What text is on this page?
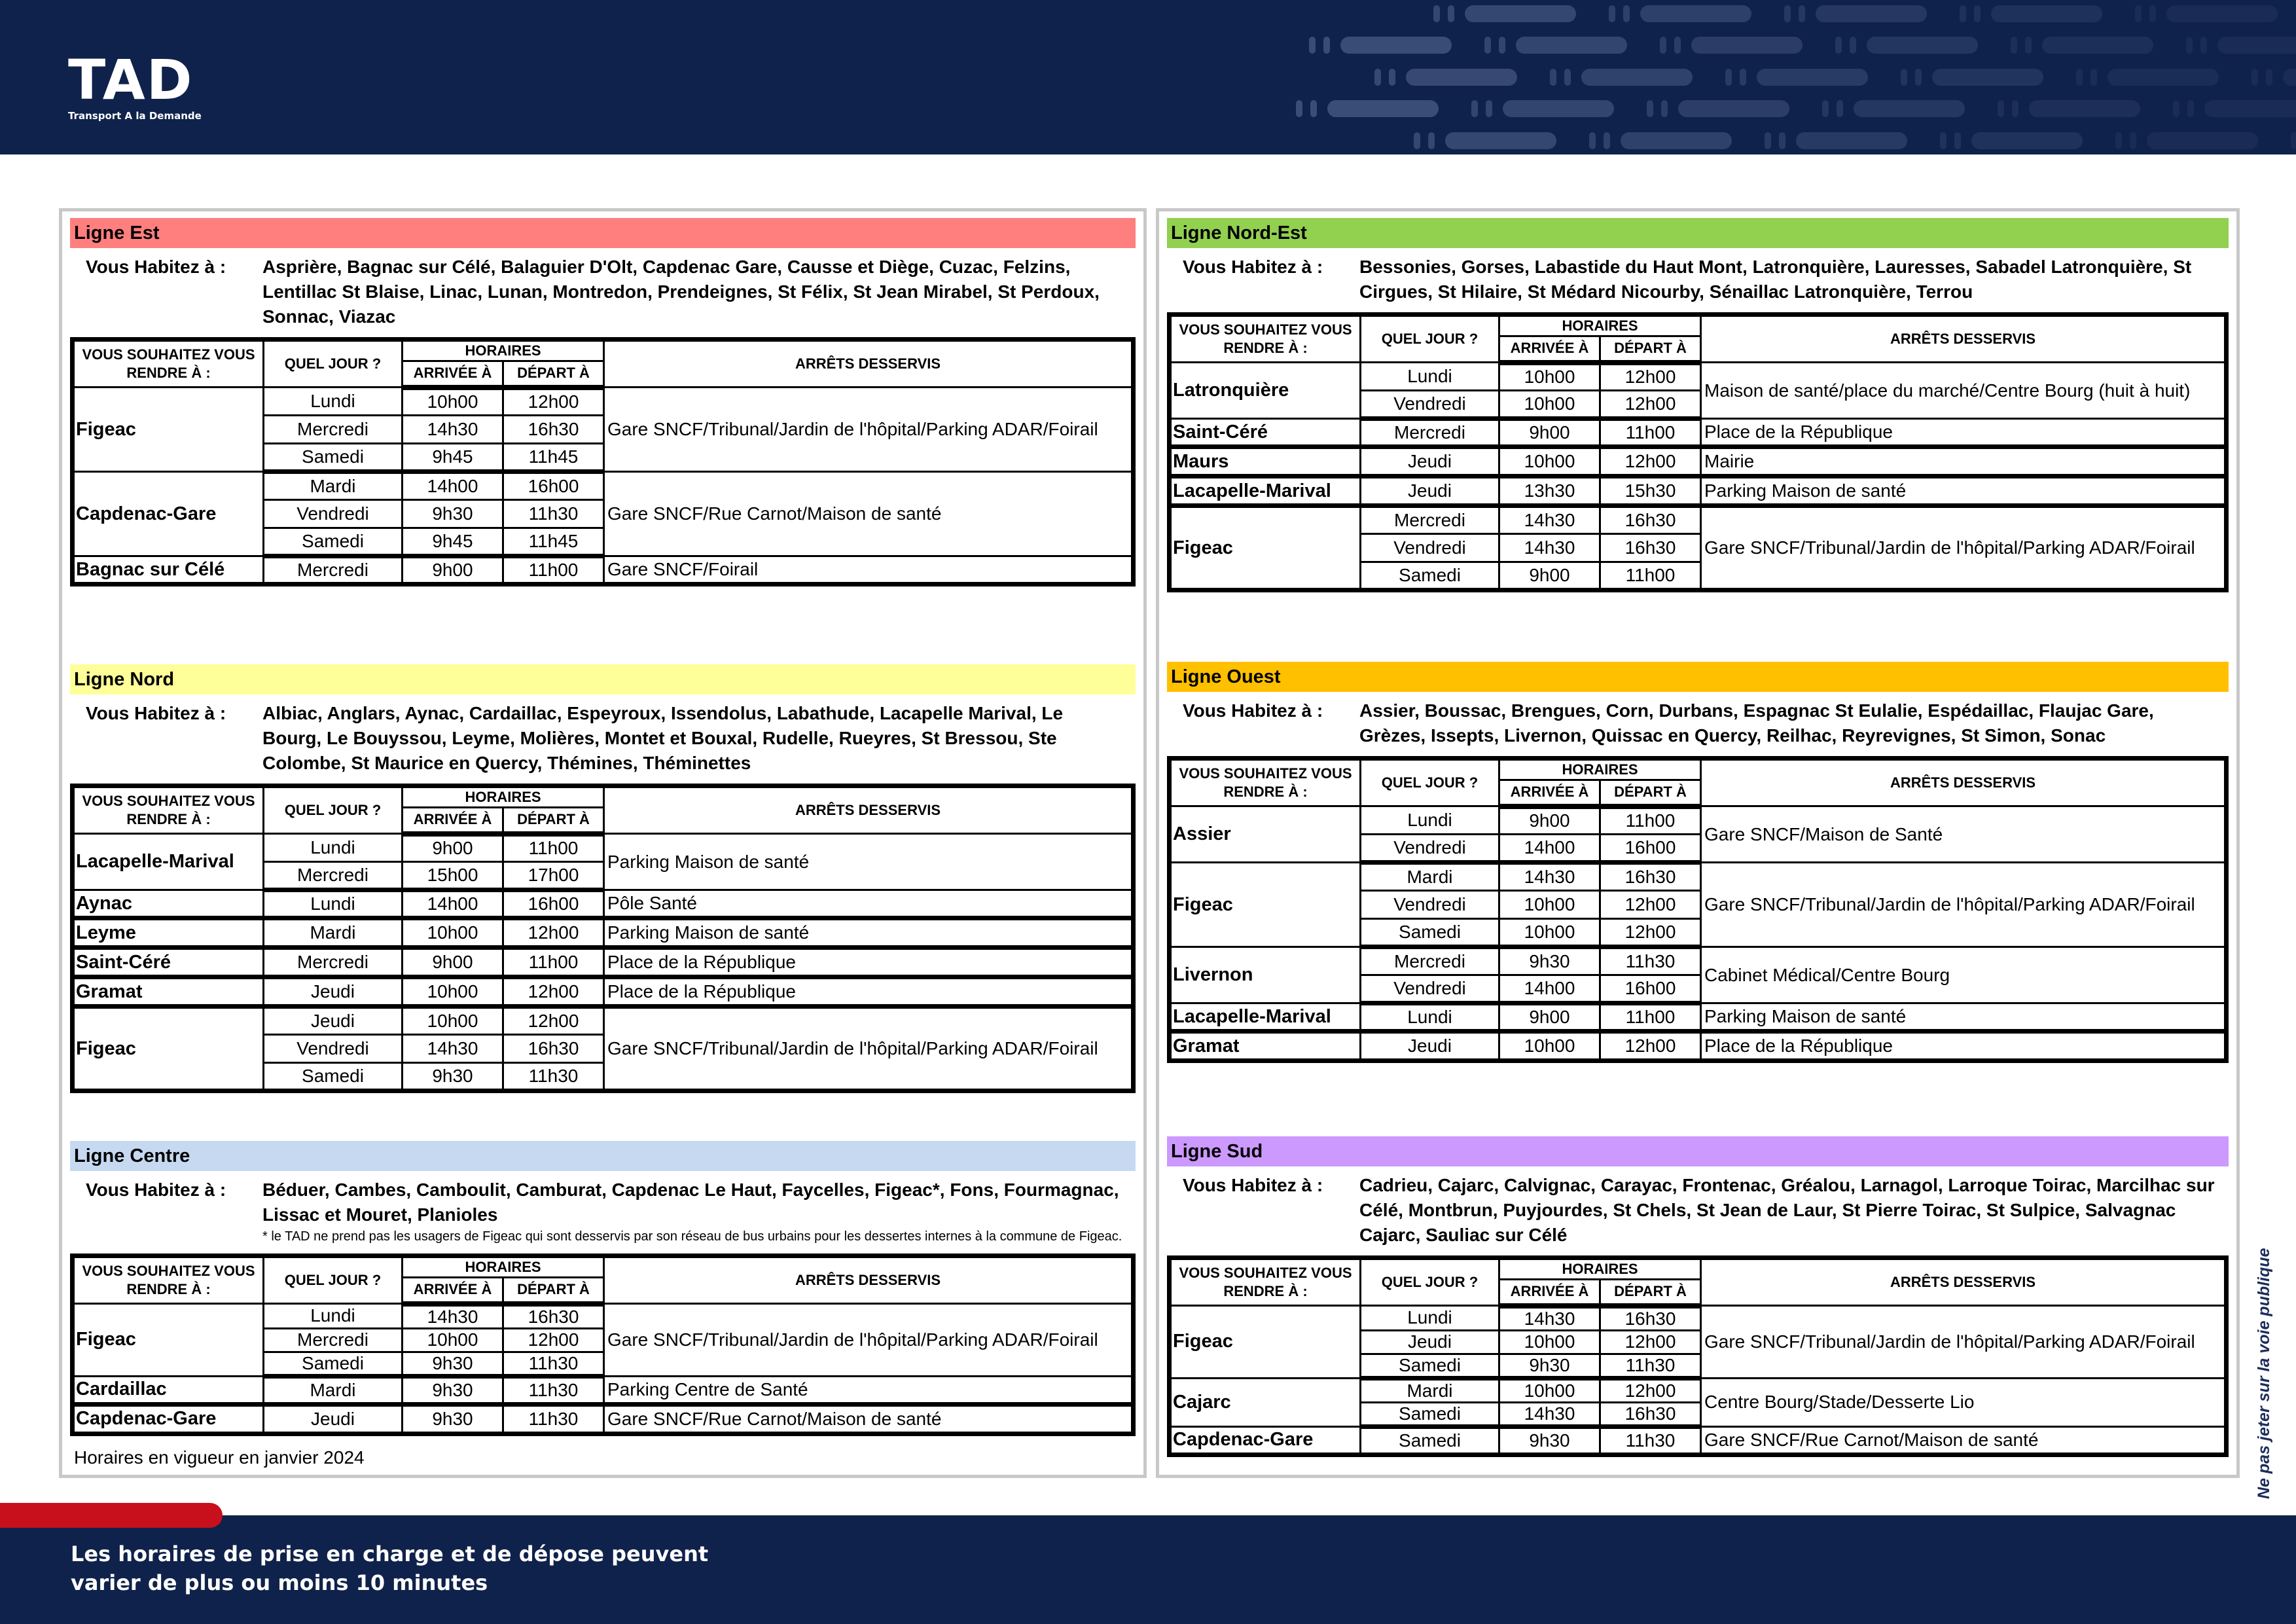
TAD
Transport A la Demande
Ligne Est
Vous Habitez à :	Asprière, Bagnac sur Célé, Balaguier D'Olt, Capdenac Gare, Causse et Diège, Cuzac, Felzins, Lentillac St Blaise, Linac, Lunan, Montredon, Prendeignes, St Félix, St Jean Mirabel, St Perdoux, Sonnac, Viazac
VOUS SOUHAITEZ VOUS RENDRE À :	QUEL JOUR ?	HORAIRES		ARRÊTS DESSERVIS
		ARRIVÉE À	DÉPART À	
Figeac	Lundi	10h00	12h00	Gare SNCF/Tribunal/Jardin de l'hôpital/Parking ADAR/Foirail
	Mercredi	14h30	16h30	
	Samedi	9h45	11h45	
Capdenac-Gare	Mardi	14h00	16h00	Gare SNCF/Rue Carnot/Maison de santé
	Vendredi	9h30	11h30	
	Samedi	9h45	11h45	
Bagnac sur Célé	Mercredi	9h00	11h00	Gare SNCF/Foirail
Ligne Nord
Vous Habitez à :	Albiac, Anglars, Aynac, Cardaillac, Espeyroux, Issendolus, Labathude, Lacapelle Marival, Le Bourg, Le Bouyssou, Leyme, Molières, Montet et Bouxal, Rudelle, Rueyres, St Bressou, Ste Colombe, St Maurice en Quercy, Thémines, Théminettes
VOUS SOUHAITEZ VOUS RENDRE À :	QUEL JOUR ?	HORAIRES		ARRÊTS DESSERVIS
		ARRIVÉE À	DÉPART À	
Lacapelle-Marival	Lundi	9h00	11h00	Parking Maison de santé
	Mercredi	15h00	17h00	
Aynac	Lundi	14h00	16h00	Pôle Santé
Leyme	Mardi	10h00	12h00	Parking Maison de santé
Saint-Céré	Mercredi	9h00	11h00	Place de la République
Gramat	Jeudi	10h00	12h00	Place de la République
Figeac	Jeudi	10h00	12h00	Gare SNCF/Tribunal/Jardin de l'hôpital/Parking ADAR/Foirail
	Vendredi	14h30	16h30	
	Samedi	9h30	11h30	
Ligne Centre
Vous Habitez à :	Béduer, Cambes, Camboulit, Camburat, Capdenac Le Haut, Faycelles, Figeac*, Fons, Fourmagnac, Lissac et Mouret, Planioles
* le TAD ne prend pas les usagers de Figeac qui sont desservis par son réseau de bus urbains pour les dessertes internes à la commune de Figeac.
VOUS SOUHAITEZ VOUS RENDRE À :	QUEL JOUR ?	HORAIRES		ARRÊTS DESSERVIS
		ARRIVÉE À	DÉPART À	
Figeac	Lundi	14h30	16h30	Gare SNCF/Tribunal/Jardin de l'hôpital/Parking ADAR/Foirail
	Mercredi	10h00	12h00	
	Samedi	9h30	11h30	
Cardaillac	Mardi	9h30	11h30	Parking Centre de Santé
Capdenac-Gare	Jeudi	9h30	11h30	Gare SNCF/Rue Carnot/Maison de santé
Horaires en vigueur en janvier 2024
Ligne Nord-Est
Vous Habitez à :	Bessonies, Gorses, Labastide du Haut Mont, Latronquière, Lauresses, Sabadel Latronquière, St Cirgues, St Hilaire, St Médard Nicourby, Sénaillac Latronquière, Terrou
VOUS SOUHAITEZ VOUS RENDRE À :	QUEL JOUR ?	HORAIRES		ARRÊTS DESSERVIS
		ARRIVÉE À	DÉPART À	
Latronquière	Lundi	10h00	12h00	Maison de santé/place du marché/Centre Bourg (huit à huit)
	Vendredi	10h00	12h00	
Saint-Céré	Mercredi	9h00	11h00	Place de la République
Maurs	Jeudi	10h00	12h00	Mairie
Lacapelle-Marival	Jeudi	13h30	15h30	Parking Maison de santé
Figeac	Mercredi	14h30	16h30	Gare SNCF/Tribunal/Jardin de l'hôpital/Parking ADAR/Foirail
	Vendredi	14h30	16h30	
	Samedi	9h00	11h00	
Ligne Ouest
Vous Habitez à :	Assier, Boussac, Brengues, Corn, Durbans, Espagnac St Eulalie, Espédaillac, Flaujac Gare, Grèzes, Issepts, Livernon, Quissac en Quercy, Reilhac, Reyrevignes, St Simon, Sonac
VOUS SOUHAITEZ VOUS RENDRE À :	QUEL JOUR ?	HORAIRES		ARRÊTS DESSERVIS
		ARRIVÉE À	DÉPART À	
Assier	Lundi	9h00	11h00	Gare SNCF/Maison de Santé
	Vendredi	14h00	16h00	
Figeac	Mardi	14h30	16h30	Gare SNCF/Tribunal/Jardin de l'hôpital/Parking ADAR/Foirail
	Vendredi	10h00	12h00	
	Samedi	10h00	12h00	
Livernon	Mercredi	9h30	11h30	Cabinet Médical/Centre Bourg
	Vendredi	14h00	16h00	
Lacapelle-Marival	Lundi	9h00	11h00	Parking Maison de santé
Gramat	Jeudi	10h00	12h00	Place de la République
Ligne Sud
Vous Habitez à :	Cadrieu, Cajarc, Calvignac, Carayac, Frontenac, Gréalou, Larnagol, Larroque Toirac, Marcilhac sur Célé, Montbrun, Puyjourdes, St Chels, St Jean de Laur, St Pierre Toirac, St Sulpice, Salvagnac Cajarc, Sauliac sur Célé
VOUS SOUHAITEZ VOUS RENDRE À :	QUEL JOUR ?	HORAIRES		ARRÊTS DESSERVIS
		ARRIVÉE À	DÉPART À	
Figeac	Lundi	14h30	16h30	Gare SNCF/Tribunal/Jardin de l'hôpital/Parking ADAR/Foirail
	Jeudi	10h00	12h00	
	Samedi	9h30	11h30	
Cajarc	Mardi	10h00	12h00	Centre Bourg/Stade/Desserte Lio
	Samedi	14h30	16h30	
Capdenac-Gare	Samedi	9h30	11h30	Gare SNCF/Rue Carnot/Maison de santé	Ne pas jeter sur la voie publique
Les horaires de prise en charge et de dépose peuvent
varier de plus ou moins 10 minutes
